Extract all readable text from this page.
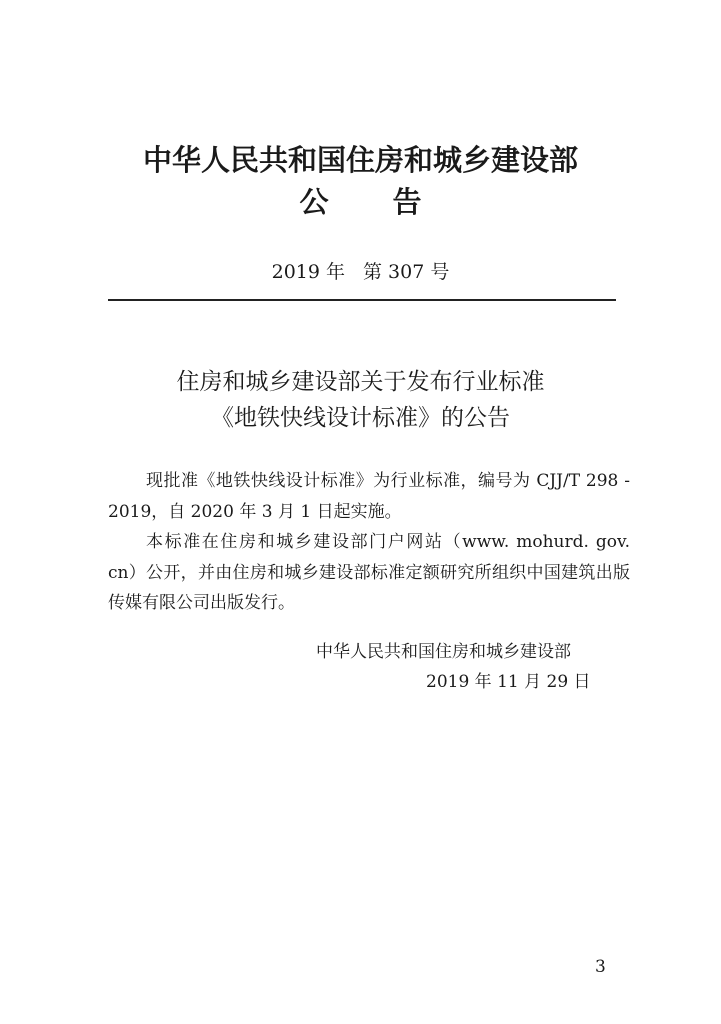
中华人民共和国住房和城乡建设部
公 告
2019 年 第 307 号
住房和城乡建设部关于发布行业标准
《地铁快线设计标准》的公告

现批准《地铁快线设计标准》为行业标准，编号为 CJJ/T 298 - 2019，自 2020 年 3 月 1 日起实施。

本标准在住房和城乡建设部门户网站（www. mohurd. gov. cn）公开，并由住房和城乡建设部标准定额研究所组织中国建筑出版传媒有限公司出版发行。

中华人民共和国住房和城乡建设部
2019 年 11 月 29 日
3
